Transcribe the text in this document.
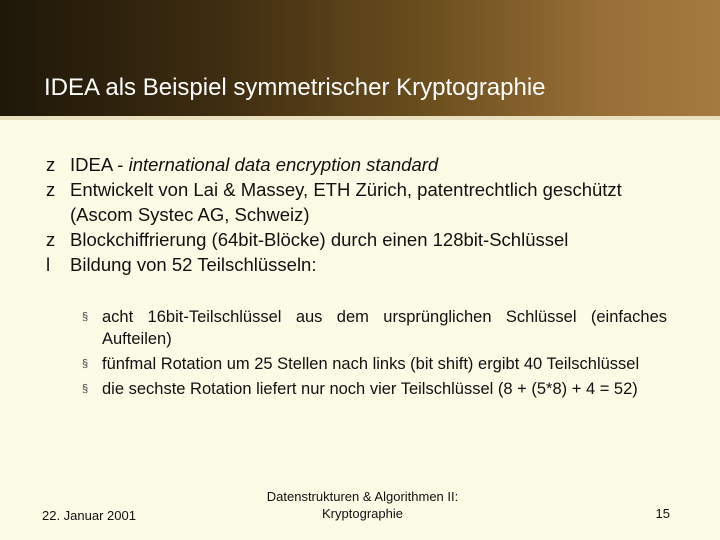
IDEA als Beispiel symmetrischer Kryptographie
z IDEA - international data encryption standard
z Entwickelt von Lai & Massey, ETH Zürich, patentrechtlich geschützt (Ascom Systec AG, Schweiz)
z Blockchiffrierung (64bit-Blöcke) durch einen 128bit-Schlüssel
l	Bildung von 52 Teilschlüsseln:
§ acht 16bit-Teilschlüssel aus dem ursprünglichen Schlüssel (einfaches Aufteilen)
§ fünfmal Rotation um 25 Stellen nach links (bit shift) ergibt 40 Teilschlüssel
§ die sechste Rotation liefert nur noch vier Teilschlüssel (8 + (5*8) + 4 = 52)
22. Januar 2001
Datenstrukturen & Algorithmen II:
Kryptographie	15
